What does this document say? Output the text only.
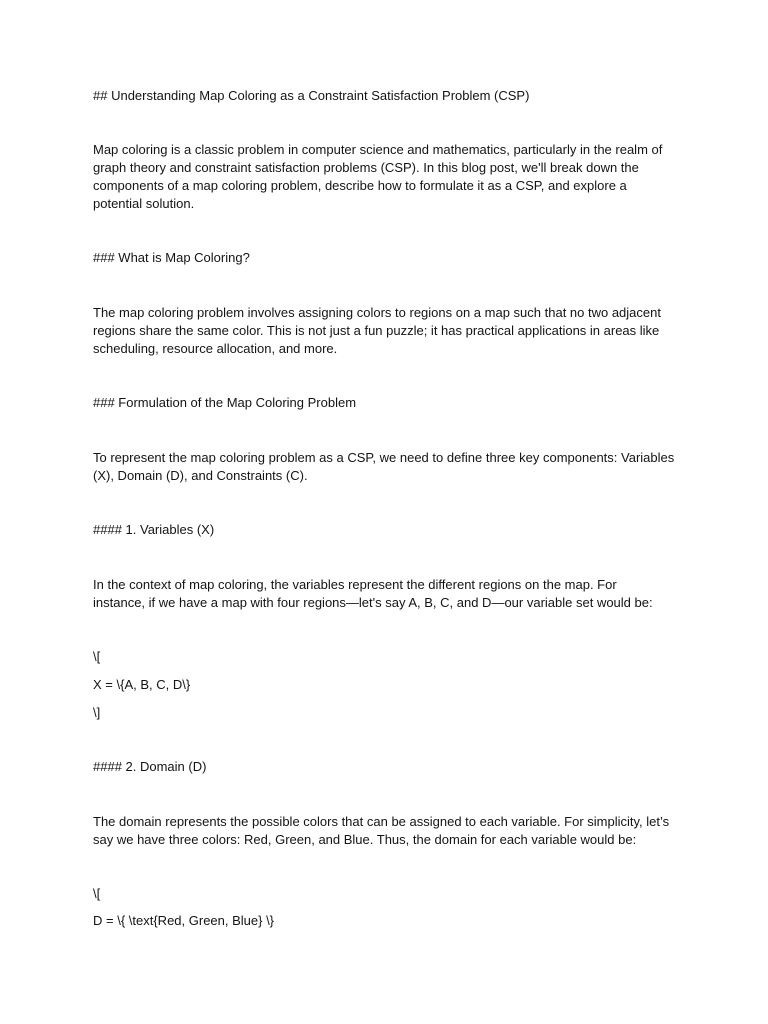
## Understanding Map Coloring as a Constraint Satisfaction Problem (CSP)

Map coloring is a classic problem in computer science and mathematics, particularly in the realm of

graph theory and constraint satisfaction problems (CSP). In this blog post, we'll break down the

components of a map coloring problem, describe how to formulate it as a CSP, and explore a

potential solution.

### What is Map Coloring?

The map coloring problem involves assigning colors to regions on a map such that no two adjacent

regions share the same color. This is not just a fun puzzle; it has practical applications in areas like

scheduling, resource allocation, and more.

### Formulation of the Map Coloring Problem

To represent the map coloring problem as a CSP, we need to define three key components: Variables

(X), Domain (D), and Constraints (C).

#### 1. Variables (X)

In the context of map coloring, the variables represent the different regions on the map. For

instance, if we have a map with four regions—let's say A, B, C, and D—our variable set would be:

\[

X = \{A, B, C, D\}

\]

#### 2. Domain (D)

The domain represents the possible colors that can be assigned to each variable. For simplicity, let’s

say we have three colors: Red, Green, and Blue. Thus, the domain for each variable would be:

\[

D = \{ \text{Red, Green, Blue} \}
